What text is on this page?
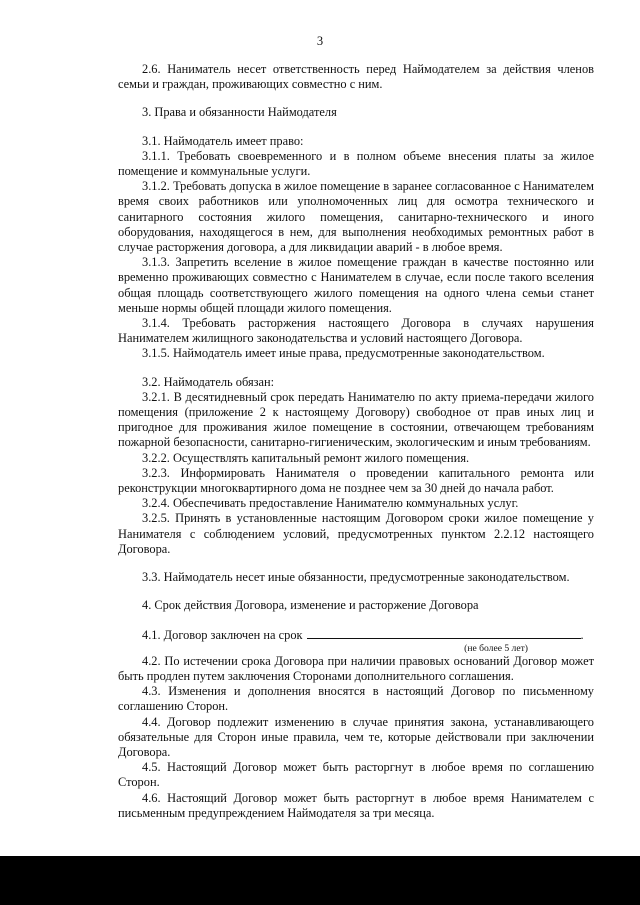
3

2.6. Наниматель несет ответственность перед Наймодателем за действия членов семьи и граждан, проживающих совместно с ним.

3. Права и обязанности Наймодателя

3.1. Наймодатель имеет право:

3.1.1. Требовать своевременного и в полном объеме внесения платы за жилое помещение и коммунальные услуги.

3.1.2. Требовать допуска в жилое помещение в заранее согласованное с Нанимателем время своих работников или уполномоченных лиц для осмотра технического и санитарного состояния жилого помещения, санитарно-технического и иного оборудования, находящегося в нем, для выполнения необходимых ремонтных работ в случае расторжения договора, а для ликвидации аварий - в любое время.

3.1.3. Запретить вселение в жилое помещение граждан в качестве постоянно или временно проживающих совместно с Нанимателем в случае, если после такого вселения общая площадь соответствующего жилого помещения на одного члена семьи станет меньше нормы общей площади жилого помещения.

3.1.4. Требовать расторжения настоящего Договора в случаях нарушения Нанимателем жилищного законодательства и условий настоящего Договора.

3.1.5. Наймодатель имеет иные права, предусмотренные законодательством.

3.2. Наймодатель обязан:

3.2.1. В десятидневный срок передать Нанимателю по акту приема-передачи жилого помещения (приложение 2 к настоящему Договору) свободное от прав иных лиц и пригодное для проживания жилое помещение в состоянии, отвечающем требованиям пожарной безопасности, санитарно-гигиеническим, экологическим и иным требованиям.

3.2.2. Осуществлять капитальный ремонт жилого помещения.

3.2.3. Информировать Нанимателя о проведении капитального ремонта или реконструкции многоквартирного дома не позднее чем за 30 дней до начала работ.

3.2.4. Обеспечивать предоставление Нанимателю коммунальных услуг.

3.2.5. Принять в установленные настоящим Договором сроки жилое помещение у Нанимателя с соблюдением условий, предусмотренных пунктом 2.2.12 настоящего Договора.

3.3. Наймодатель несет иные обязанности, предусмотренные законодательством.

4. Срок действия Договора, изменение и расторжение Договора

4.1. Договор заключен на срок	.

(не более 5 лет)

4.2. По истечении срока Договора при наличии правовых оснований Договор может быть продлен путем заключения Сторонами дополнительного соглашения.

4.3. Изменения и дополнения вносятся в настоящий Договор по письменному соглашению Сторон.

4.4. Договор подлежит изменению в случае принятия закона, устанавливающего обязательные для Сторон иные правила, чем те, которые действовали при заключении Договора.

4.5. Настоящий Договор может быть расторгнут в любое время по соглашению Сторон.

4.6. Настоящий Договор может быть расторгнут в любое время Нанимателем с письменным предупреждением Наймодателя за три месяца.
